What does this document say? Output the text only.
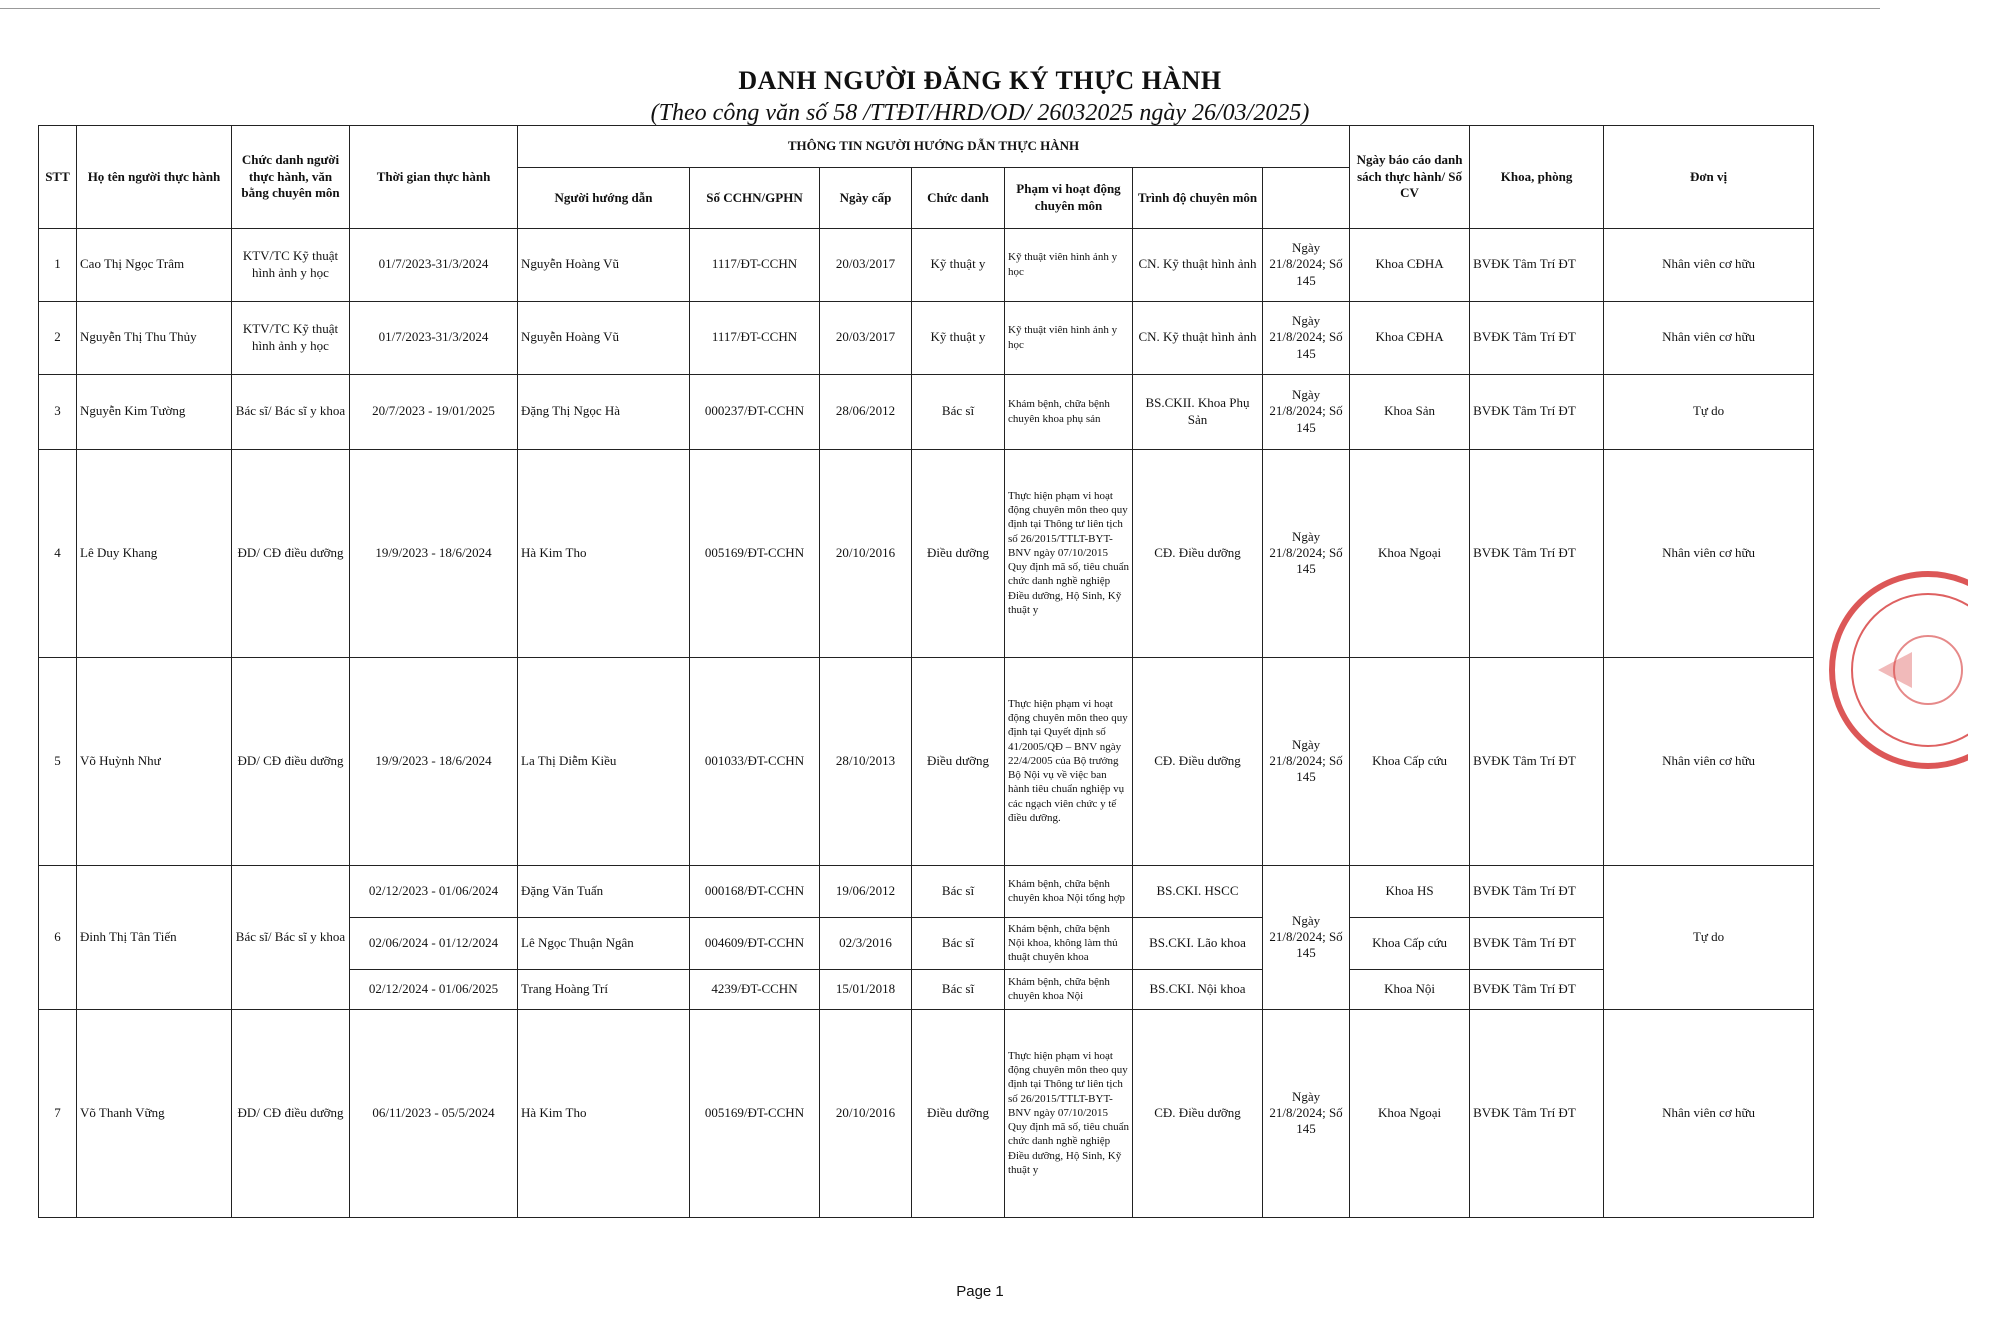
DANH NGƯỜI ĐĂNG KÝ THỰC HÀNH
(Theo công văn số 58 /TTĐT/HRD/OD/ 26032025 ngày 26/03/2025)
STT	Họ tên người thực hành	Chức danh người thực hành, văn bằng chuyên môn	Thời gian thực hành	THÔNG TIN NGƯỜI HƯỚNG DẪN THỰC HÀNH							Ngày báo cáo danh sách thực hành/ Số CV	Khoa, phòng	Đơn vị	
				Người hướng dẫn	Số CCHN/GPHN	Ngày cấp	Chức danh	Phạm vi hoạt động chuyên môn	Trình độ chuyên môn					
1	Cao Thị Ngọc Trâm	KTV/TC Kỹ thuật hình ảnh y học	01/7/2023-31/3/2024	Nguyễn Hoàng Vũ	1117/ĐT-CCHN	20/03/2017	Kỹ thuật y	Kỹ thuật viên hình ảnh y học	CN. Kỹ thuật hình ảnh	Ngày 21/8/2024; Số 145	Khoa CĐHA	BVĐK Tâm Trí ĐT	Nhân viên cơ hữu	
2	Nguyễn Thị Thu Thủy	KTV/TC Kỹ thuật hình ảnh y học	01/7/2023-31/3/2024	Nguyễn Hoàng Vũ	1117/ĐT-CCHN	20/03/2017	Kỹ thuật y	Kỹ thuật viên hình ảnh y học	CN. Kỹ thuật hình ảnh	Ngày 21/8/2024; Số 145	Khoa CĐHA	BVĐK Tâm Trí ĐT	Nhân viên cơ hữu	
3	Nguyễn Kim Tường	Bác sĩ/ Bác sĩ y khoa	20/7/2023 - 19/01/2025	Đặng Thị Ngọc Hà	000237/ĐT-CCHN	28/06/2012	Bác sĩ	Khám bệnh, chữa bệnh chuyên khoa phụ sản	BS.CKII. Khoa Phụ Sản	Ngày 21/8/2024; Số 145	Khoa Sản	BVĐK Tâm Trí ĐT	Tự do	
4	Lê Duy Khang	ĐD/ CĐ điều dưỡng	19/9/2023 - 18/6/2024	Hà Kim Tho	005169/ĐT-CCHN	20/10/2016	Điều dưỡng	Thực hiện phạm vi hoạt động chuyên môn theo quy định tại Thông tư liên tịch số 26/2015/TTLT-BYT-BNV ngày 07/10/2015 Quy định mã số, tiêu chuẩn chức danh nghề nghiệp Điều dưỡng, Hộ Sinh, Kỹ thuật y	CĐ. Điều dưỡng	Ngày 21/8/2024; Số 145	Khoa Ngoại	BVĐK Tâm Trí ĐT	Nhân viên cơ hữu	
5	Võ Huỳnh Như	ĐD/ CĐ điều dưỡng	19/9/2023 - 18/6/2024	La Thị Diễm Kiều	001033/ĐT-CCHN	28/10/2013	Điều dưỡng	Thực hiện phạm vi hoạt động chuyên môn theo quy định tại Quyết định số 41/2005/QĐ – BNV ngày 22/4/2005 của Bộ trưởng Bộ Nội vụ về việc ban hành tiêu chuẩn nghiệp vụ các ngạch viên chức y tế điều dưỡng.	CĐ. Điều dưỡng	Ngày 21/8/2024; Số 145	Khoa Cấp cứu	BVĐK Tâm Trí ĐT	Nhân viên cơ hữu	
6	Đinh Thị Tân Tiến	Bác sĩ/ Bác sĩ y khoa	02/12/2023 - 01/06/2024	Đặng Văn Tuấn	000168/ĐT-CCHN	19/06/2012	Bác sĩ	Khám bệnh, chữa bệnh chuyên khoa Nội tổng hợp	BS.CKI. HSCC	Ngày 21/8/2024; Số 145	Khoa HS	BVĐK Tâm Trí ĐT	Tự do	
			02/06/2024 - 01/12/2024	Lê Ngọc Thuận Ngân	004609/ĐT-CCHN	02/3/2016	Bác sĩ	Khám bệnh, chữa bệnh Nội khoa, không làm thủ thuật chuyên khoa	BS.CKI. Lão khoa		Khoa Cấp cứu	BVĐK Tâm Trí ĐT		
			02/12/2024 - 01/06/2025	Trang Hoàng Trí	4239/ĐT-CCHN	15/01/2018	Bác sĩ	Khám bệnh, chữa bệnh chuyên khoa Nội	BS.CKI. Nội khoa		Khoa Nội	BVĐK Tâm Trí ĐT		
7	Võ Thanh Vững	ĐD/ CĐ điều dưỡng	06/11/2023 - 05/5/2024	Hà Kim Tho	005169/ĐT-CCHN	20/10/2016	Điều dưỡng	Thực hiện phạm vi hoạt động chuyên môn theo quy định tại Thông tư liên tịch số 26/2015/TTLT-BYT-BNV ngày 07/10/2015 Quy định mã số, tiêu chuẩn chức danh nghề nghiệp Điều dưỡng, Hộ Sinh, Kỹ thuật y	CĐ. Điều dưỡng	Ngày 21/8/2024; Số 145	Khoa Ngoại	BVĐK Tâm Trí ĐT	Nhân viên cơ hữu	
Page 1
